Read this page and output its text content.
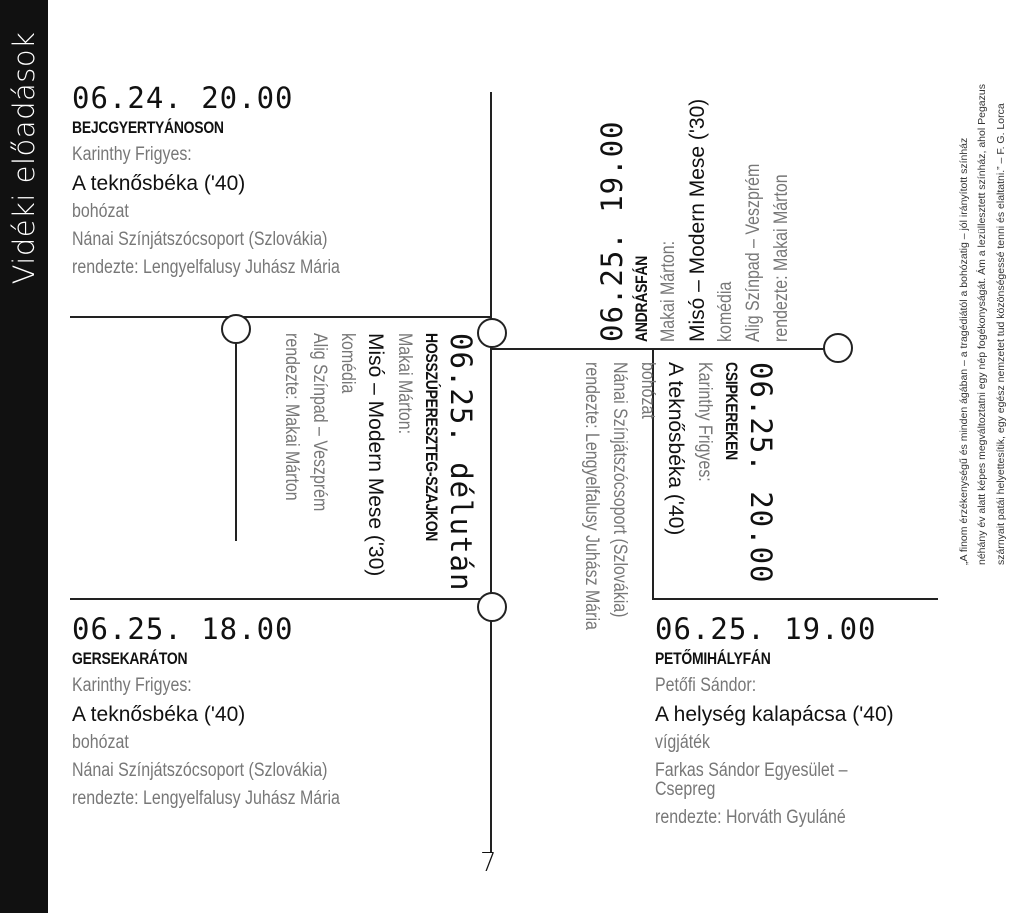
Vidéki előadások 06.24. 20.00
BEJCGYERTYÁNOSON
Karinthy Frigyes:
A teknősbéka ('40)
bohózat
Nánai Színjátszócsoport (Szlovákia)
rendezte: Lengyelfalusy Juhász Mária
06.25. 18.00
GERSEKARÁTON
Karinthy Frigyes:
A teknősbéka ('40)
bohózat
Nánai Színjátszócsoport (Szlovákia)
rendezte: Lengyelfalusy Juhász Mária
06.25. 19.00
PETŐMIHÁLYFÁN
Petőfi Sándor:
A helység kalapácsa ('40)
vígjáték
Farkas Sándor Egyesület – Csepreg
rendezte: Horváth Gyuláné
06.25. délután
HOSSZÚPERESZTEG-SZAJKON
Makai Márton:
Misó – Modern Mese ('30)
komédia
Alig Színpad – Veszprém
rendezte: Makai Márton	06.25. 20.00
CSIPKEREKEN
Karinthy Frigyes:
A teknősbéka ('40)
bohózat
Nánai Színjátszócsoport (Szlovákia)
rendezte: Lengyelfalusy Juhász Mária
06.25. 19.00 ANDRÁSFÁN Makai Márton: Misó – Modern Mese ('30) komédia Alig Színpad – Veszprém rendezte: Makai Márton	„A finom érzékenységű és minden ágában – a tragédiától a bohózatig – jól irányított színház néhány év alatt képes megváltoztatni egy nép fogékonyságát. Ám a lezüllesztett színház, ahol Pegazus szárnyait patái helyettesítik, egy egész nemzetet tud közönségessé tenni és elaltatni.” – F. G. Lorca
7
